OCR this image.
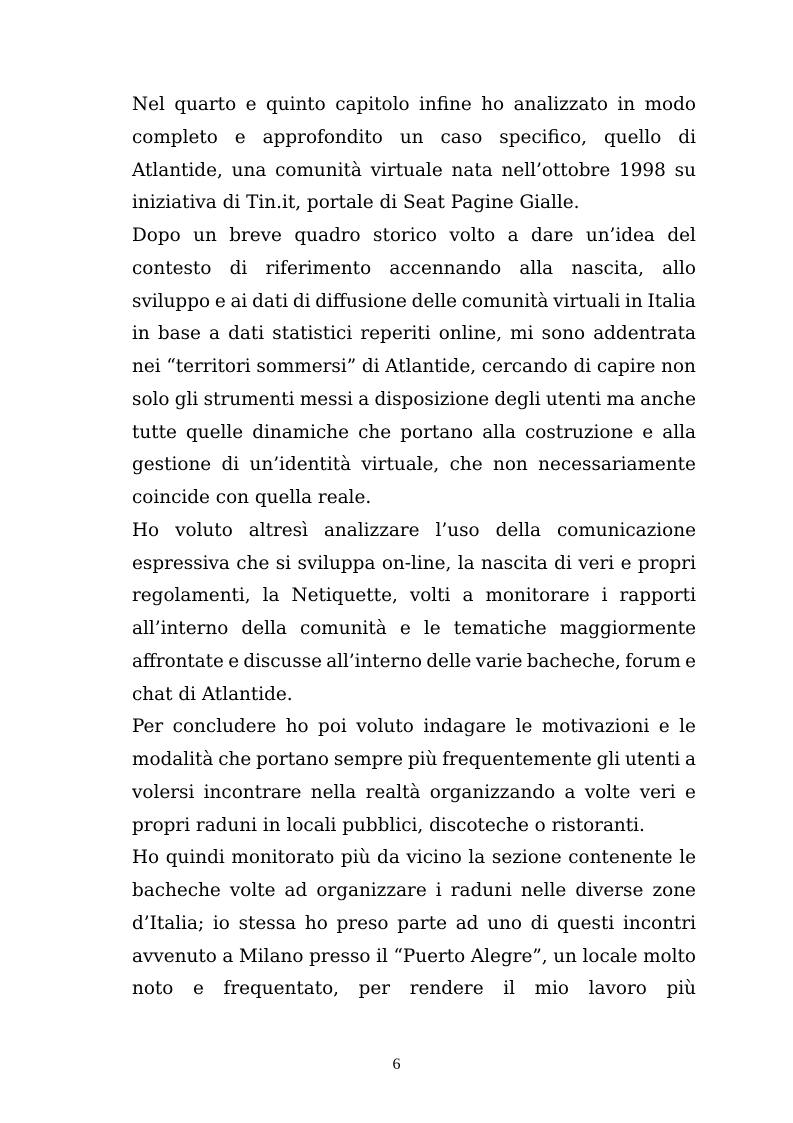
Nel quarto e quinto capitolo infine ho analizzato in modo
completo e approfondito un caso specifico, quello di
Atlantide, una comunità virtuale nata nell’ottobre 1998 su
iniziativa di Tin.it, portale di Seat Pagine Gialle.
Dopo un breve quadro storico volto a dare un’idea del
contesto di riferimento accennando alla nascita, allo
sviluppo e ai dati di diffusione delle comunità virtuali in Italia
in base a dati statistici reperiti online, mi sono addentrata
nei “territori sommersi” di Atlantide, cercando di capire non
solo gli strumenti messi a disposizione degli utenti ma anche
tutte quelle dinamiche che portano alla costruzione e alla
gestione di un’identità virtuale, che non necessariamente
coincide con quella reale.
Ho voluto altresì analizzare l’uso della comunicazione
espressiva che si sviluppa on-line, la nascita di veri e propri
regolamenti, la Netiquette, volti a monitorare i rapporti
all’interno della comunità e le tematiche maggiormente
affrontate e discusse all’interno delle varie bacheche, forum e
chat di Atlantide.
Per concludere ho poi voluto indagare le motivazioni e le
modalità che portano sempre più frequentemente gli utenti a
volersi incontrare nella realtà organizzando a volte veri e
propri raduni in locali pubblici, discoteche o ristoranti.
Ho quindi monitorato più da vicino la sezione contenente le
bacheche volte ad organizzare i raduni nelle diverse zone
d’Italia; io stessa ho preso parte ad uno di questi incontri
avvenuto a Milano presso il “Puerto Alegre”, un locale molto
noto e frequentato, per rendere il mio lavoro più
6
